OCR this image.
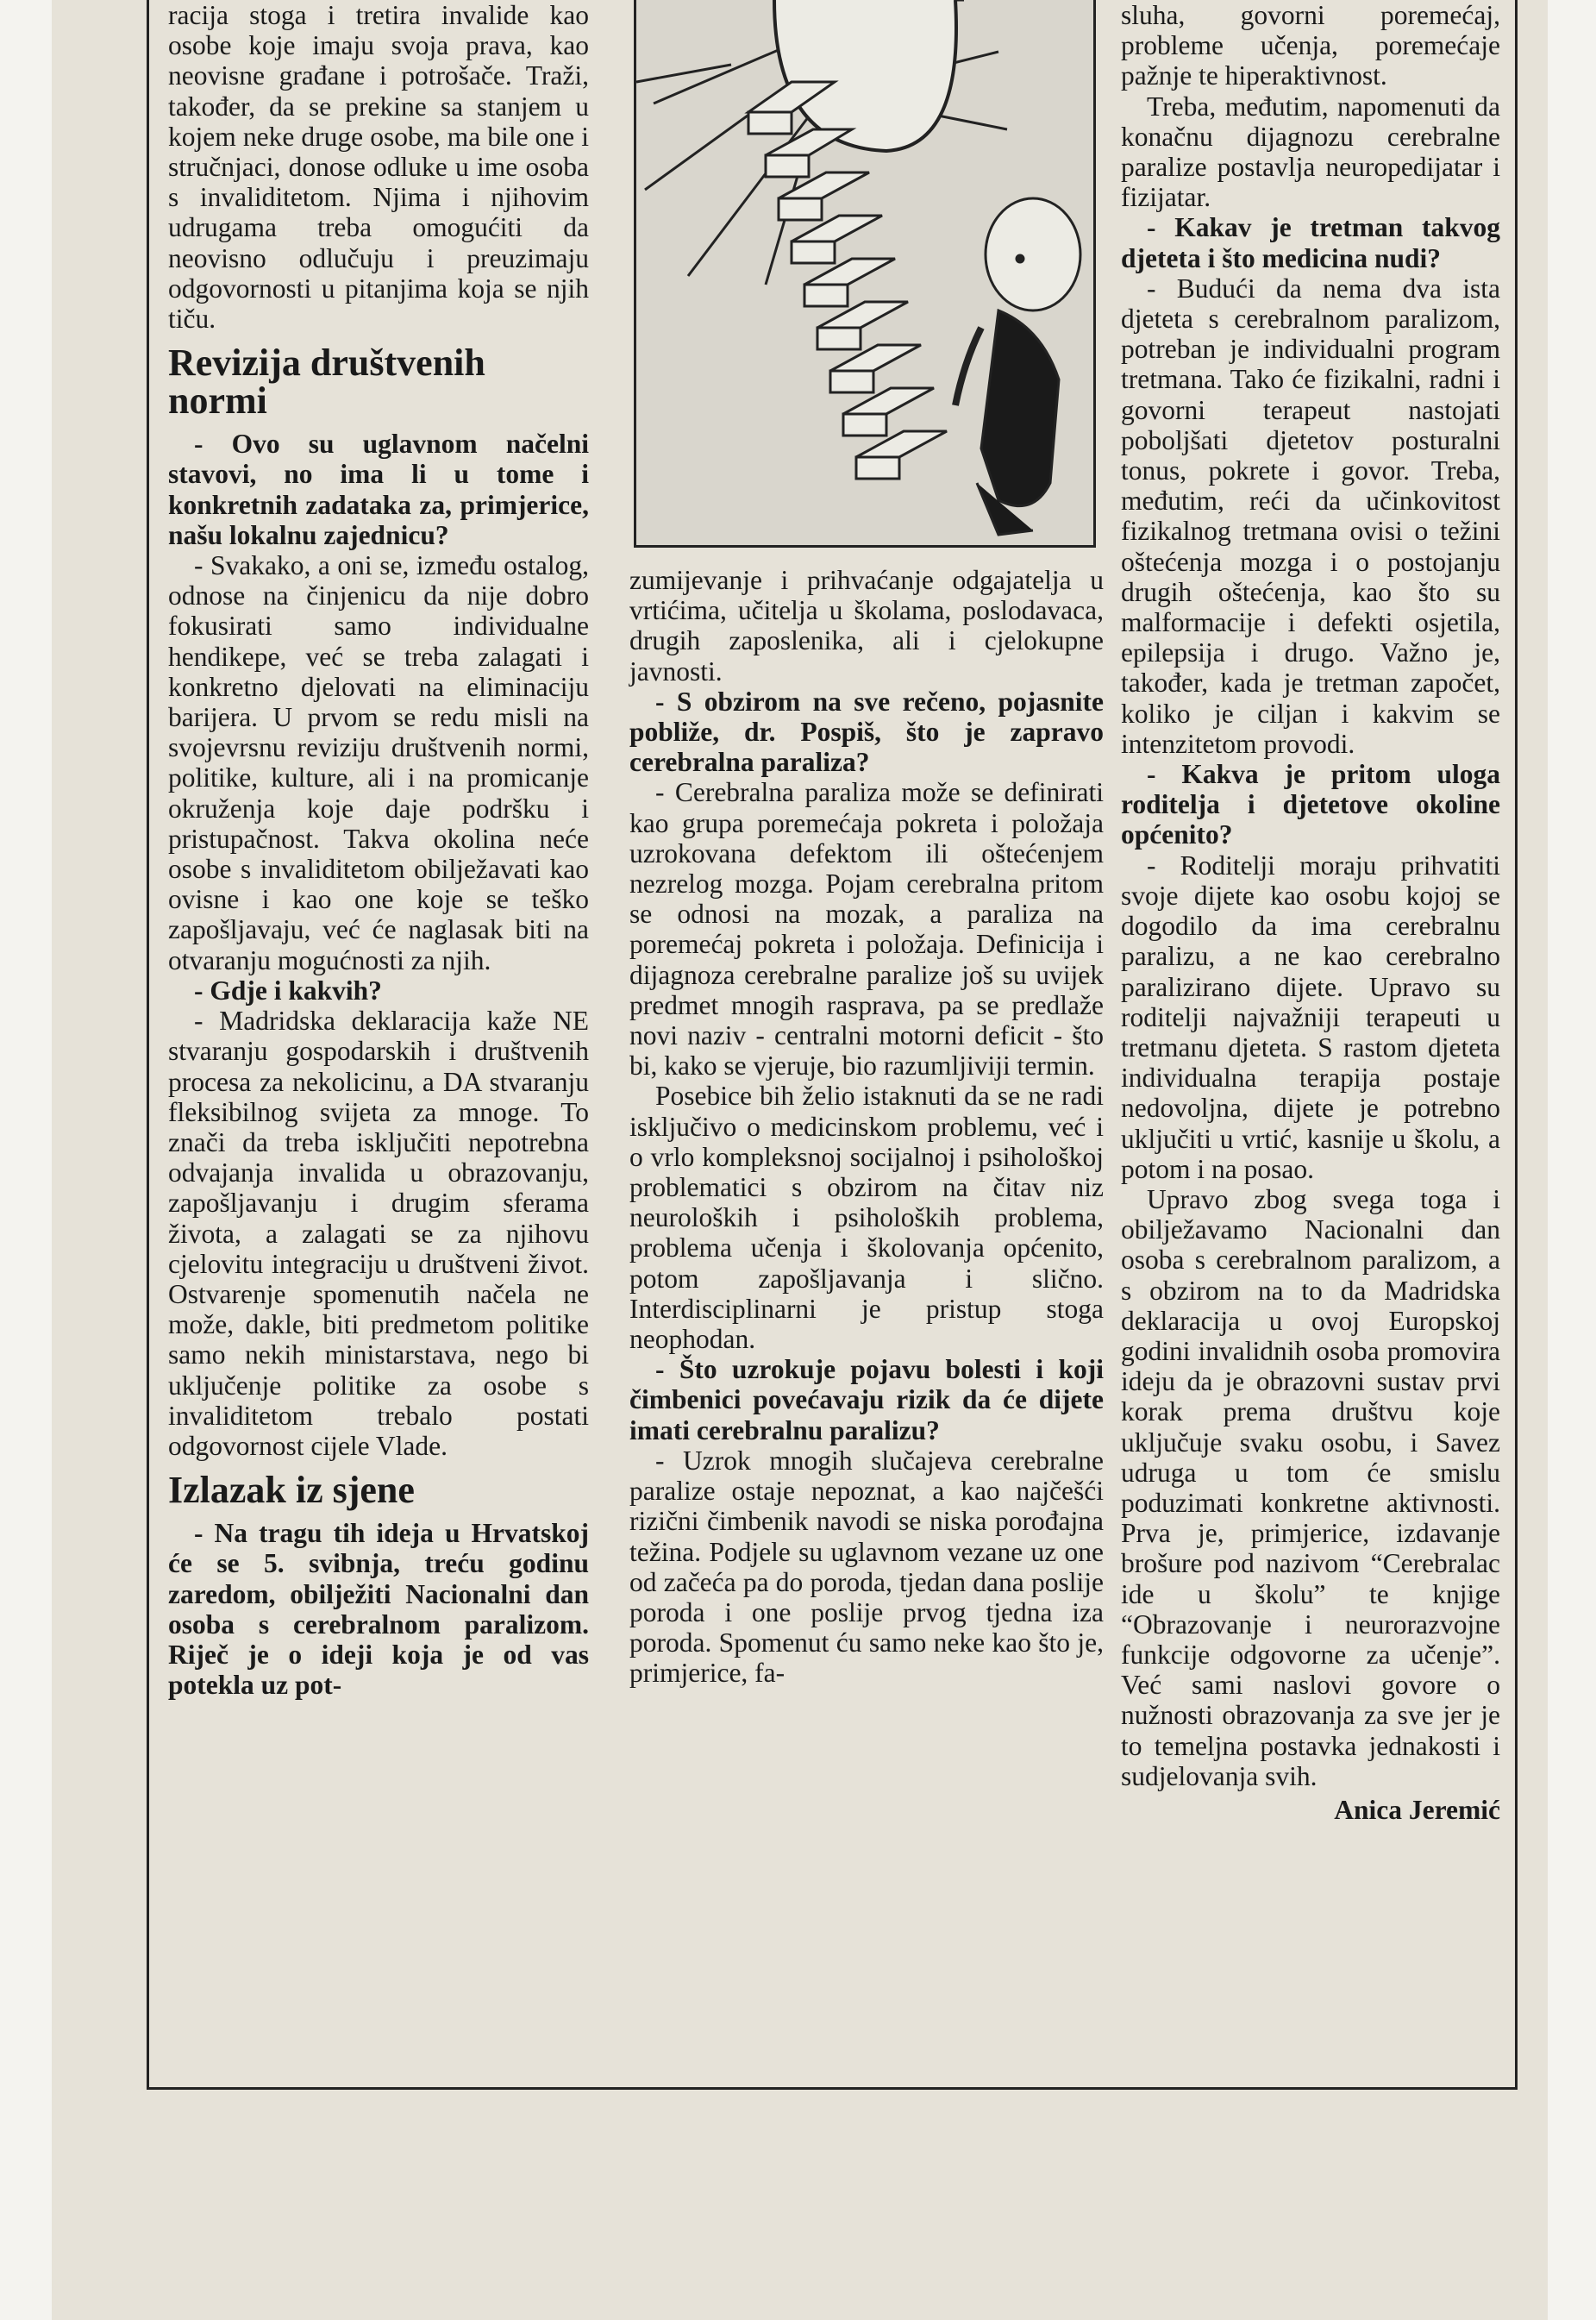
racija stoga i tretira invalide kao osobe koje imaju svoja prava, kao neovisne građane i potrošače. Traži, također, da se prekine sa stanjem u kojem neke druge osobe, ma bile one i stručnjaci, donose odluke u ime osoba s invaliditetom. Njima i njihovim udrugama treba omogućiti da neovisno odlučuju i preuzimaju odgovornosti u pitanjima koja se njih tiču.

Revizija društvenih normi

- Ovo su uglavnom načelni stavovi, no ima li u tome i konkretnih zadataka za, primjerice, našu lokalnu zajednicu?

- Svakako, a oni se, između ostalog, odnose na činjenicu da nije dobro fokusirati samo individualne hendikepe, već se treba zalagati i konkretno djelovati na eliminaciju barijera. U prvom se redu misli na svojevrsnu reviziju društvenih normi, politike, kulture, ali i na promicanje okruženja koje daje podršku i pristupačnost. Takva okolina neće osobe s invaliditetom obilježavati kao ovisne i kao one koje se teško zapošljavaju, već će naglasak biti na otvaranju mogućnosti za njih.

- Gdje i kakvih?

- Madridska deklaracija kaže NE stvaranju gospodarskih i društvenih procesa za nekolicinu, a DA stvaranju fleksibilnog svijeta za mnoge. To znači da treba isključiti nepotrebna odvajanja invalida u obrazovanju, zapošljavanju i drugim sferama života, a zalagati se za njihovu cjelovitu integraciju u društveni život. Ostvarenje spomenutih načela ne može, dakle, biti predmetom politike samo nekih ministarstava, nego bi uključenje politike za osobe s invaliditetom trebalo postati odgovornost cijele Vlade.

Izlazak iz sjene

- Na tragu tih ideja u Hrvatskoj će se 5. svibnja, treću godinu zaredom, obilježiti Nacionalni dan osoba s cerebralnom paralizom. Riječ je o ideji koja je od vas potekla uz pot-

zumijevanje i prihvaćanje odgajatelja u vrtićima, učitelja u školama, poslodavaca, drugih zaposlenika, ali i cjelokupne javnosti.

- S obzirom na sve rečeno, pojasnite pobliže, dr. Pospiš, što je zapravo cerebralna paraliza?

- Cerebralna paraliza može se definirati kao grupa poremećaja pokreta i položaja uzrokovana defektom ili oštećenjem nezrelog mozga. Pojam cerebralna pritom se odnosi na mozak, a paraliza na poremećaj pokreta i položaja. Definicija i dijagnoza cerebralne paralize još su uvijek predmet mnogih rasprava, pa se predlaže novi naziv - centralni motorni deficit - što bi, kako se vjeruje, bio razumljiviji termin.

Posebice bih želio istaknuti da se ne radi isključivo o medicinskom problemu, već i o vrlo kompleksnoj socijalnoj i psihološkoj problematici s obzirom na čitav niz neuroloških i psiholoških problema, problema učenja i školovanja općenito, potom zapošljavanja i slično. Interdisciplinarni je pristup stoga neophodan.

- Što uzrokuje pojavu bolesti i koji čimbenici povećavaju rizik da će dijete imati cerebralnu paralizu?

- Uzrok mnogih slučajeva cerebralne paralize ostaje nepoznat, a kao najčešći rizični čimbenik navodi se niska porođajna težina. Podjele su uglavnom vezane uz one od začeća pa do poroda, tjedan dana poslije poroda i one poslije prvog tjedna iza poroda. Spomenut ću samo neke kao što je, primjerice, fa-

sluha, govorni poremećaj, probleme učenja, poremećaje pažnje te hiperaktivnost.

Treba, međutim, napomenuti da konačnu dijagnozu cerebralne paralize postavlja neuropedijatar i fizijatar.

- Kakav je tretman takvog djeteta i što medicina nudi?

- Budući da nema dva ista djeteta s cerebralnom paralizom, potreban je individualni program tretmana. Tako će fizikalni, radni i govorni terapeut nastojati poboljšati djetetov posturalni tonus, pokrete i govor. Treba, međutim, reći da učinkovitost fizikalnog tretmana ovisi o težini oštećenja mozga i o postojanju drugih oštećenja, kao što su malformacije i defekti osjetila, epilepsija i drugo. Važno je, također, kada je tretman započet, koliko je ciljan i kakvim se intenzitetom provodi.

- Kakva je pritom uloga roditelja i djetetove okoline općenito?

- Roditelji moraju prihvatiti svoje dijete kao osobu kojoj se dogodilo da ima cerebralnu paralizu, a ne kao cerebralno paralizirano dijete. Upravo su roditelji najvažniji terapeuti u tretmanu djeteta. S rastom djeteta individualna terapija postaje nedovoljna, dijete je potrebno uključiti u vrtić, kasnije u školu, a potom i na posao.

Upravo zbog svega toga i obilježavamo Nacionalni dan osoba s cerebralnom paralizom, a s obzirom na to da Madridska deklaracija u ovoj Europskoj godini invalidnih osoba promovira ideju da je obrazovni sustav prvi korak prema društvu koje uključuje svaku osobu, i Savez udruga u tom će smislu poduzimati konkretne aktivnosti. Prva je, primjerice, izdavanje brošure pod nazivom “Cerebralac ide u školu” te knjige “Obrazovanje i neurorazvojne funkcije odgovorne za učenje”. Već sami naslovi govore o nužnosti obrazovanja za sve jer je to temeljna postavka jednakosti i sudjelovanja svih.

Anica Jeremić
